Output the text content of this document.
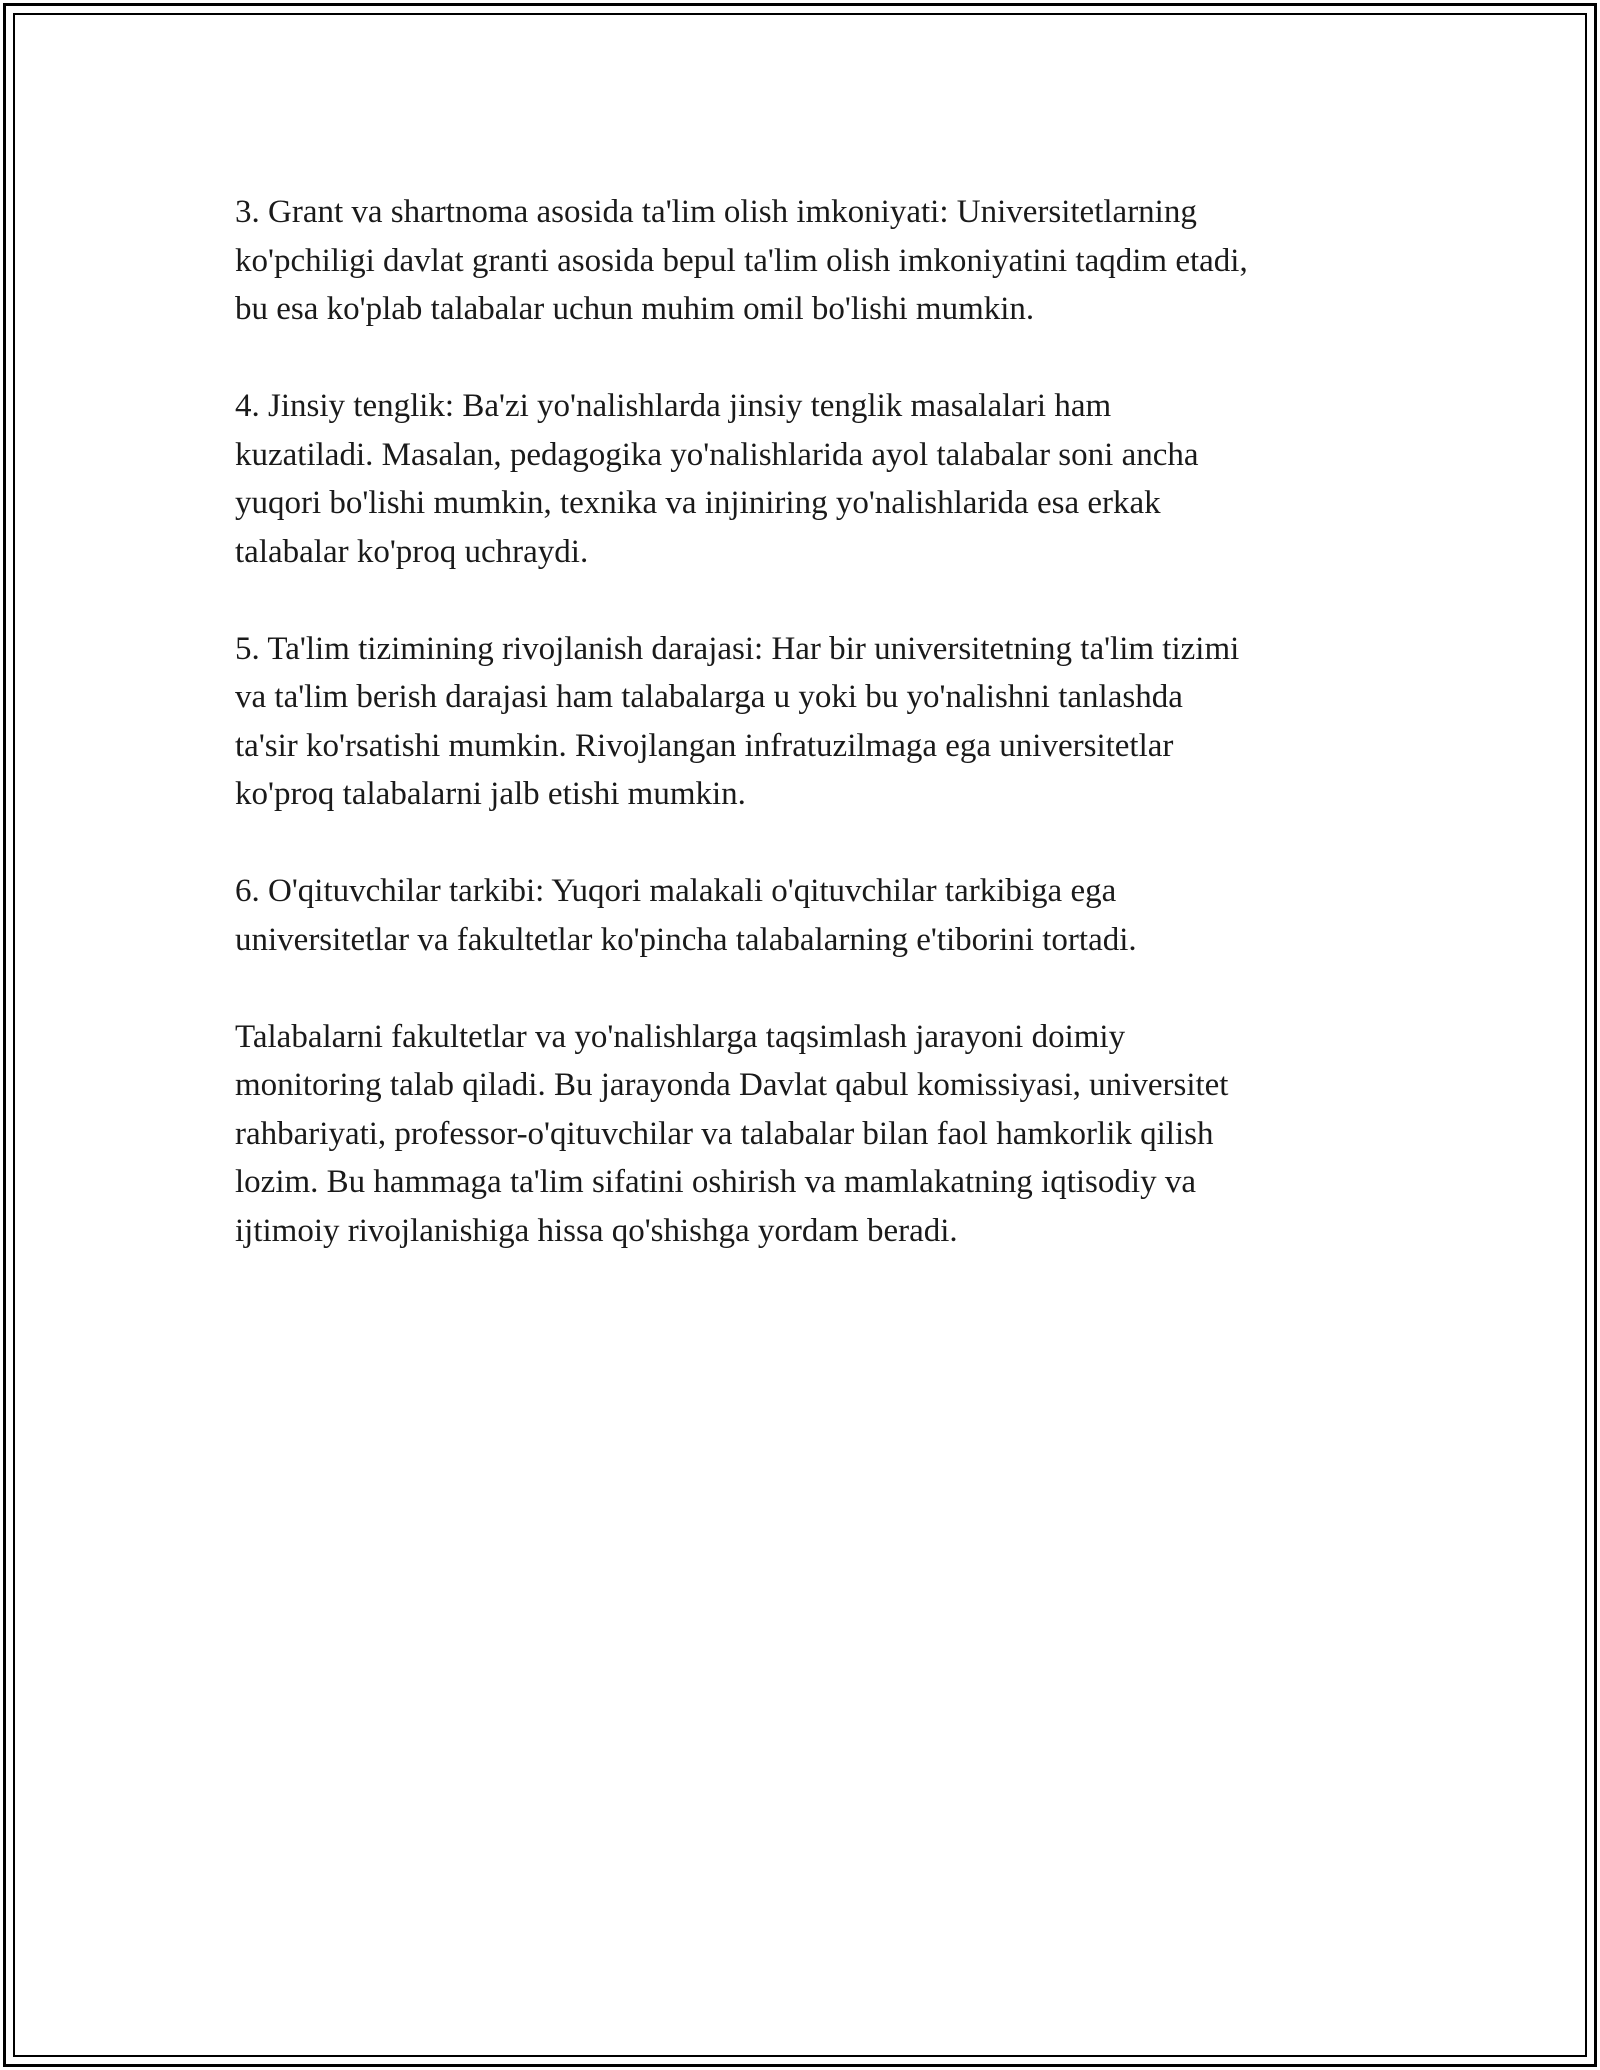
3. Grant va shartnoma asosida ta'lim olish imkoniyati: Universitetlarning
ko'pchiligi davlat granti asosida bepul ta'lim olish imkoniyatini taqdim etadi,
bu esa ko'plab talabalar uchun muhim omil bo'lishi mumkin.

4. Jinsiy tenglik: Ba'zi yo'nalishlarda jinsiy tenglik masalalari ham
kuzatiladi. Masalan, pedagogika yo'nalishlarida ayol talabalar soni ancha
yuqori bo'lishi mumkin, texnika va injiniring yo'nalishlarida esa erkak
talabalar ko'proq uchraydi.

5. Ta'lim tizimining rivojlanish darajasi: Har bir universitetning ta'lim tizimi
va ta'lim berish darajasi ham talabalarga u yoki bu yo'nalishni tanlashda
ta'sir ko'rsatishi mumkin. Rivojlangan infratuzilmaga ega universitetlar
ko'proq talabalarni jalb etishi mumkin.

6. O'qituvchilar tarkibi: Yuqori malakali o'qituvchilar tarkibiga ega
universitetlar va fakultetlar ko'pincha talabalarning e'tiborini tortadi.

Talabalarni fakultetlar va yo'nalishlarga taqsimlash jarayoni doimiy
monitoring talab qiladi. Bu jarayonda Davlat qabul komissiyasi, universitet
rahbariyati, professor-o'qituvchilar va talabalar bilan faol hamkorlik qilish
lozim. Bu hammaga ta'lim sifatini oshirish va mamlakatning iqtisodiy va
ijtimoiy rivojlanishiga hissa qo'shishga yordam beradi.
